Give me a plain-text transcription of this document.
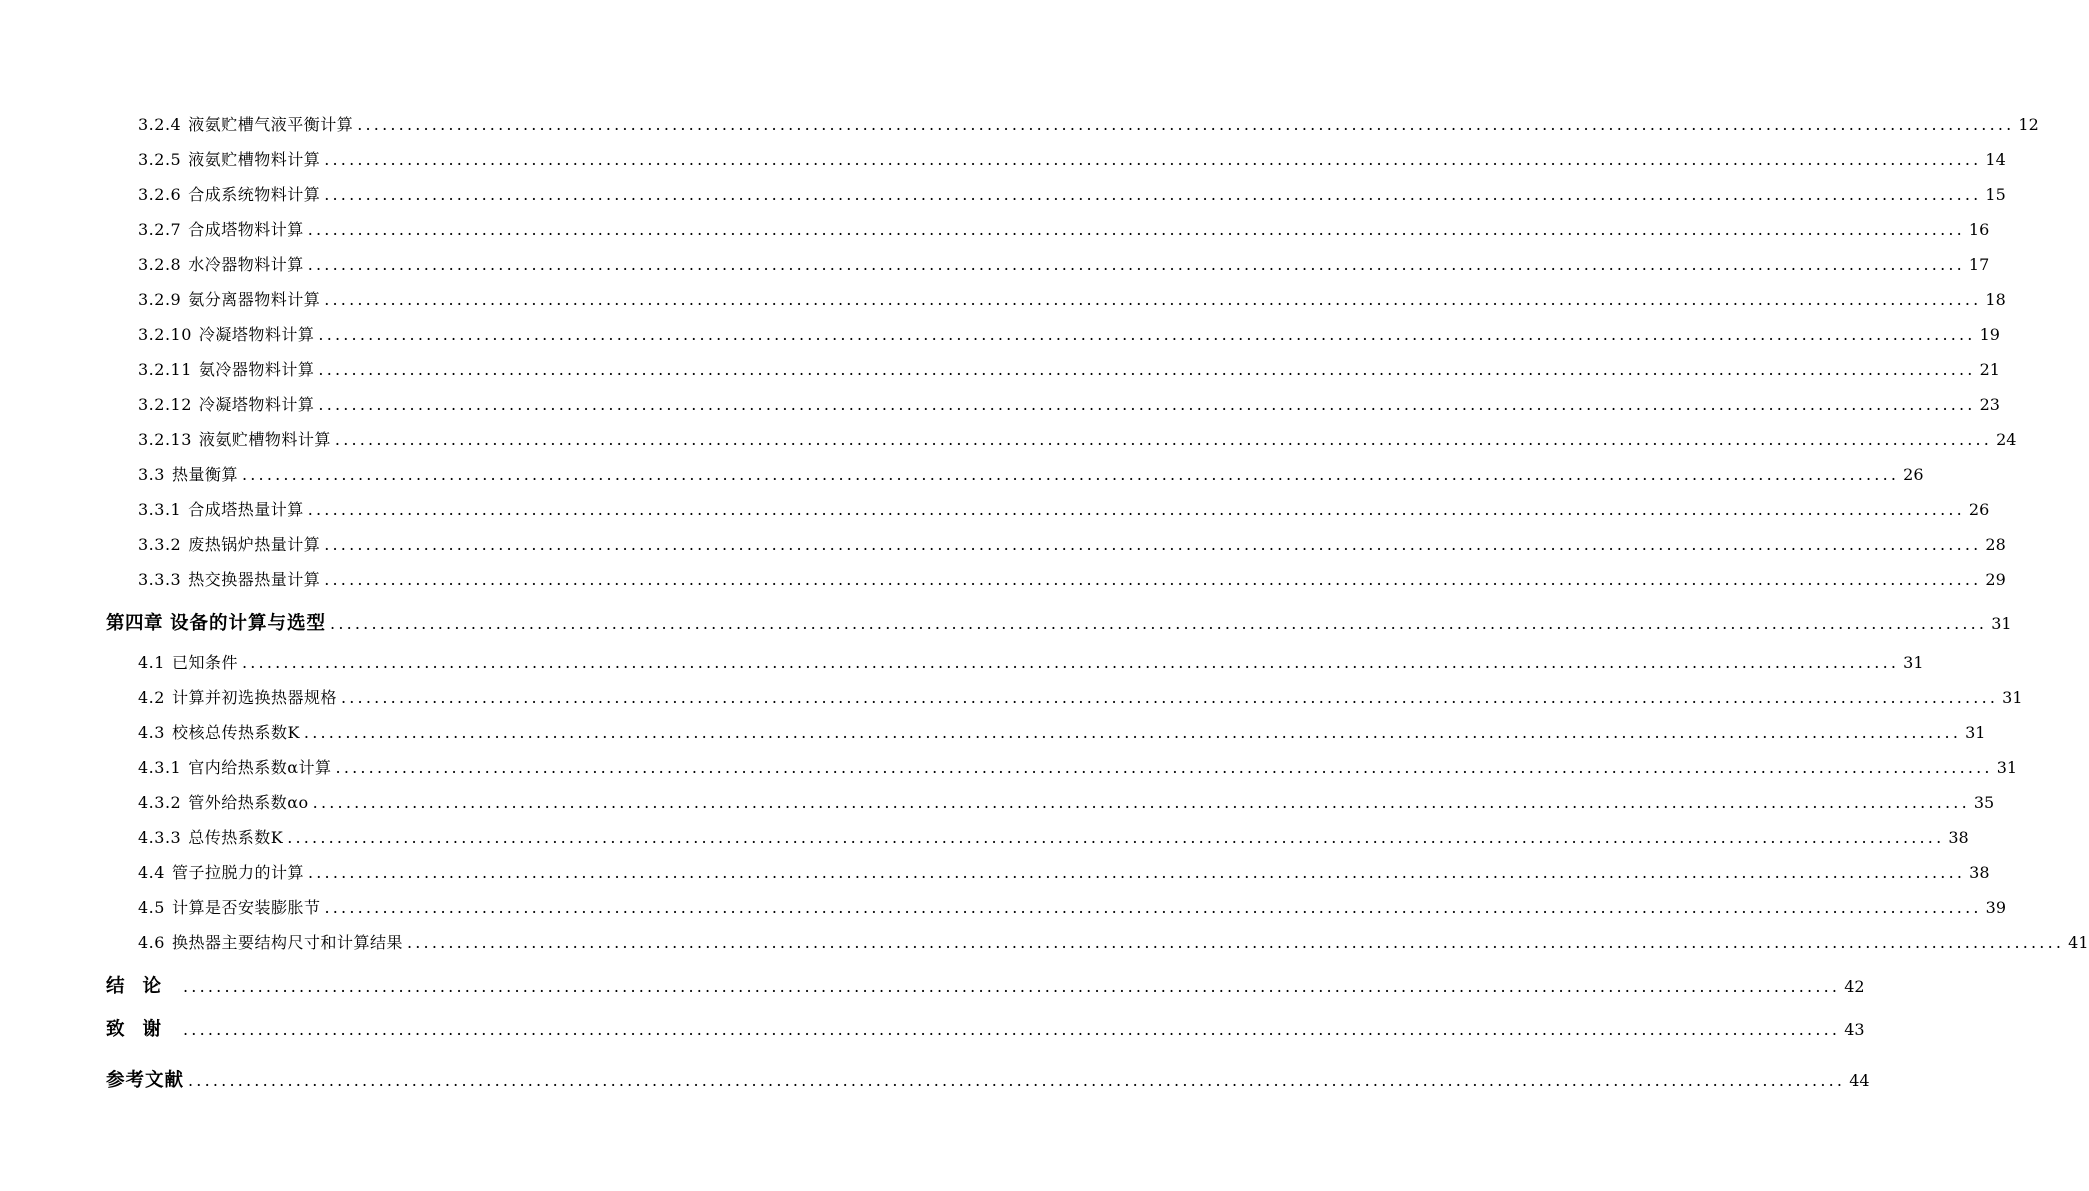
3.2.4 液氨贮槽气液平衡计算 ........................................................................................................................................................................................................ 12
3.2.5 液氨贮槽物料计算 ........................................................................................................................................................................................................ 14
3.2.6 合成系统物料计算 ........................................................................................................................................................................................................ 15
3.2.7 合成塔物料计算 ........................................................................................................................................................................................................ 16
3.2.8 水冷器物料计算 ........................................................................................................................................................................................................ 17
3.2.9 氨分离器物料计算 ........................................................................................................................................................................................................ 18
3.2.10 冷凝塔物料计算 ........................................................................................................................................................................................................ 19
3.2.11 氨冷器物料计算 ........................................................................................................................................................................................................ 21
3.2.12 冷凝塔物料计算 ........................................................................................................................................................................................................ 23
3.2.13 液氨贮槽物料计算 ........................................................................................................................................................................................................ 24
3.3 热量衡算 ........................................................................................................................................................................................................ 26
3.3.1 合成塔热量计算 ........................................................................................................................................................................................................ 26
3.3.2 废热锅炉热量计算 ........................................................................................................................................................................................................ 28
3.3.3 热交换器热量计算 ........................................................................................................................................................................................................ 29
第四章 设备的计算与选型 ........................................................................................................................................................................................................ 31
4.1 已知条件 ........................................................................................................................................................................................................ 31
4.2 计算并初选换热器规格 ........................................................................................................................................................................................................ 31
4.3 校核总传热系数K ........................................................................................................................................................................................................ 31
4.3.1 官内给热系数α计算 ........................................................................................................................................................................................................ 31
4.3.2 管外给热系数αo ........................................................................................................................................................................................................ 35
4.3.3 总传热系数K ........................................................................................................................................................................................................ 38
4.4 管子拉脱力的计算 ........................................................................................................................................................................................................ 38
4.5 计算是否安装膨胀节 ........................................................................................................................................................................................................ 39
4.6 换热器主要结构尺寸和计算结果 ........................................................................................................................................................................................................ 41
结论 ........................................................................................................................................................................................................ 42
致谢 ........................................................................................................................................................................................................ 43
参考文献 ........................................................................................................................................................................................................ 44
